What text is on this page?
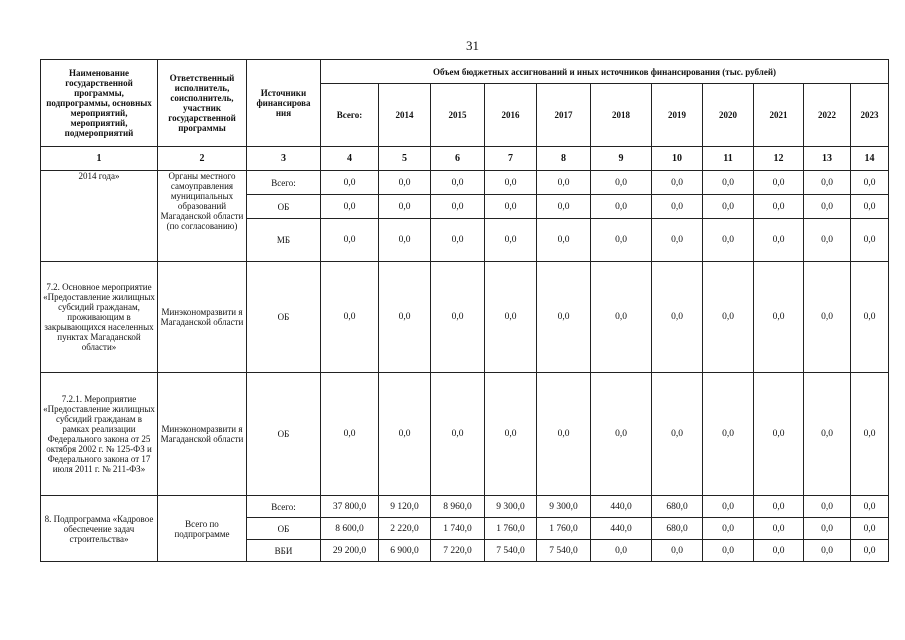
31
Наименование государственной программы, подпрограммы, основных мероприятий, мероприятий, подмероприятий	Ответственный исполнитель, соисполнитель, участник государственной программы	Источники финансирова ния	Объем бюджетных ассигнований и иных источников финансирования (тыс. рублей)										
			Всего:	2014	2015	2016	2017	2018	2019	2020	2021	2022	2023
1	2	3	4	5	6	7	8	9	10	11	12	13	14
2014 года»	Органы местного самоуправления муниципальных образований Магаданской области (по согласованию)	Всего:	0,0	0,0	0,0	0,0	0,0	0,0	0,0	0,0	0,0	0,0	0,0
		ОБ	0,0	0,0	0,0	0,0	0,0	0,0	0,0	0,0	0,0	0,0	0,0
		МБ	0,0	0,0	0,0	0,0	0,0	0,0	0,0	0,0	0,0	0,0	0,0
7.2. Основное мероприятие «Предоставление жилищных субсидий гражданам, проживающим в закрывающихся населенных пунктах Магаданской области»	Минэкономразвити я Магаданской области	ОБ	0,0	0,0	0,0	0,0	0,0	0,0	0,0	0,0	0,0	0,0	0,0
7.2.1. Мероприятие «Предоставление жилищных субсидий гражданам в рамках реализации Федерального закона от 25 октября 2002 г. № 125-ФЗ и Федерального закона от 17 июля 2011 г. № 211-ФЗ»	Минэкономразвити я Магаданской области	ОБ	0,0	0,0	0,0	0,0	0,0	0,0	0,0	0,0	0,0	0,0	0,0
8. Подпрограмма «Кадровое обеспечение задач строительства»	Всего по подпрограмме	Всего:	37 800,0	9 120,0	8 960,0	9 300,0	9 300,0	440,0	680,0	0,0	0,0	0,0	0,0
		ОБ	8 600,0	2 220,0	1 740,0	1 760,0	1 760,0	440,0	680,0	0,0	0,0	0,0	0,0
		ВБИ	29 200,0	6 900,0	7 220,0	7 540,0	7 540,0	0,0	0,0	0,0	0,0	0,0	0,0
